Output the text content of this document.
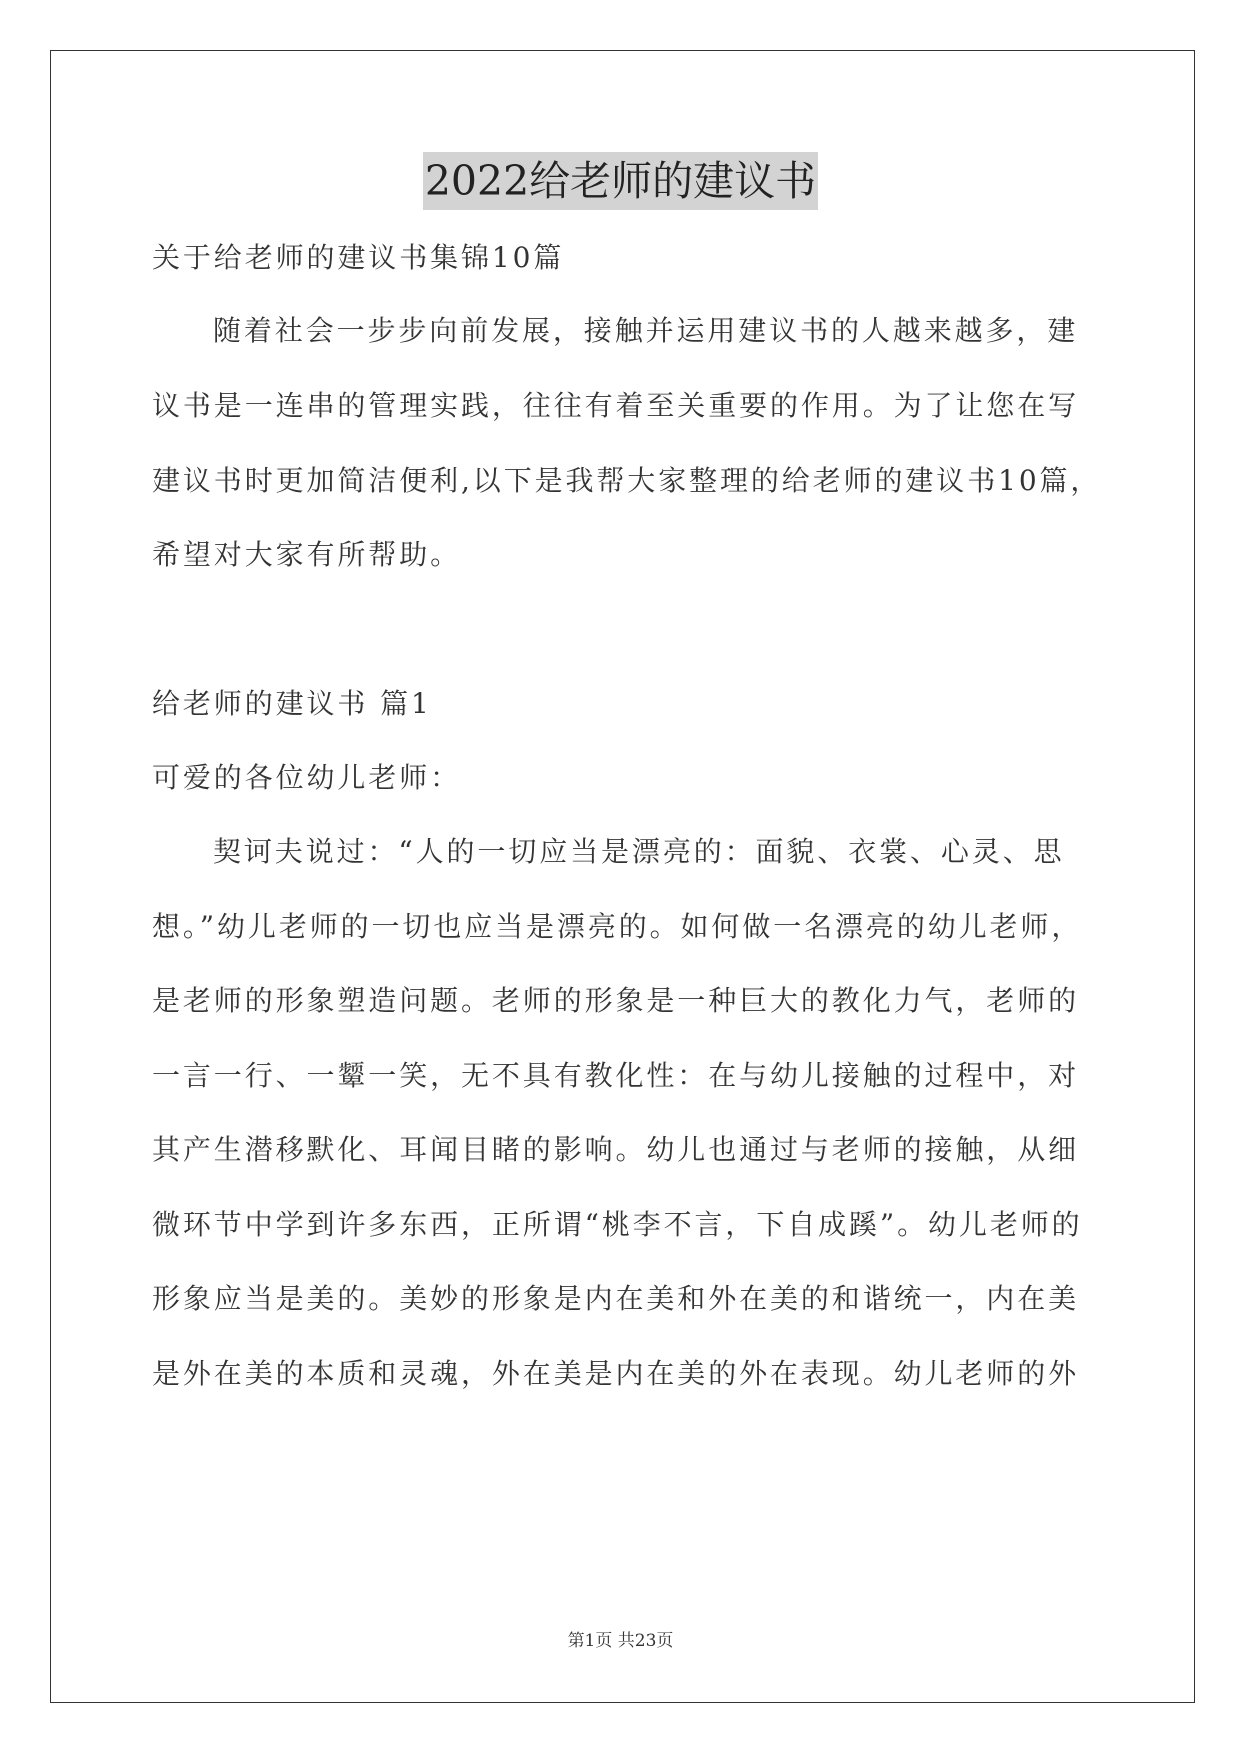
2022给老师的建议书
关于给老师的建议书集锦10篇
随着社会一步步向前发展，接触并运用建议书的人越来越多，建
议书是一连串的管理实践，往往有着至关重要的作用。为了让您在写
建议书时更加简洁便利,以下是我帮大家整理的给老师的建议书10篇，
希望对大家有所帮助。
给老师的建议书 篇1
可爱的各位幼儿老师：
契诃夫说过：“人的一切应当是漂亮的：面貌、衣裳、心灵、思
想。”幼儿老师的一切也应当是漂亮的。如何做一名漂亮的幼儿老师，
是老师的形象塑造问题。老师的形象是一种巨大的教化力气，老师的
一言一行、一颦一笑，无不具有教化性：在与幼儿接触的过程中，对
其产生潜移默化、耳闻目睹的影响。幼儿也通过与老师的接触，从细
微环节中学到许多东西，正所谓“桃李不言，下自成蹊”。幼儿老师的
形象应当是美的。美妙的形象是内在美和外在美的和谐统一，内在美
是外在美的本质和灵魂，外在美是内在美的外在表现。幼儿老师的外
第1页 共23页
